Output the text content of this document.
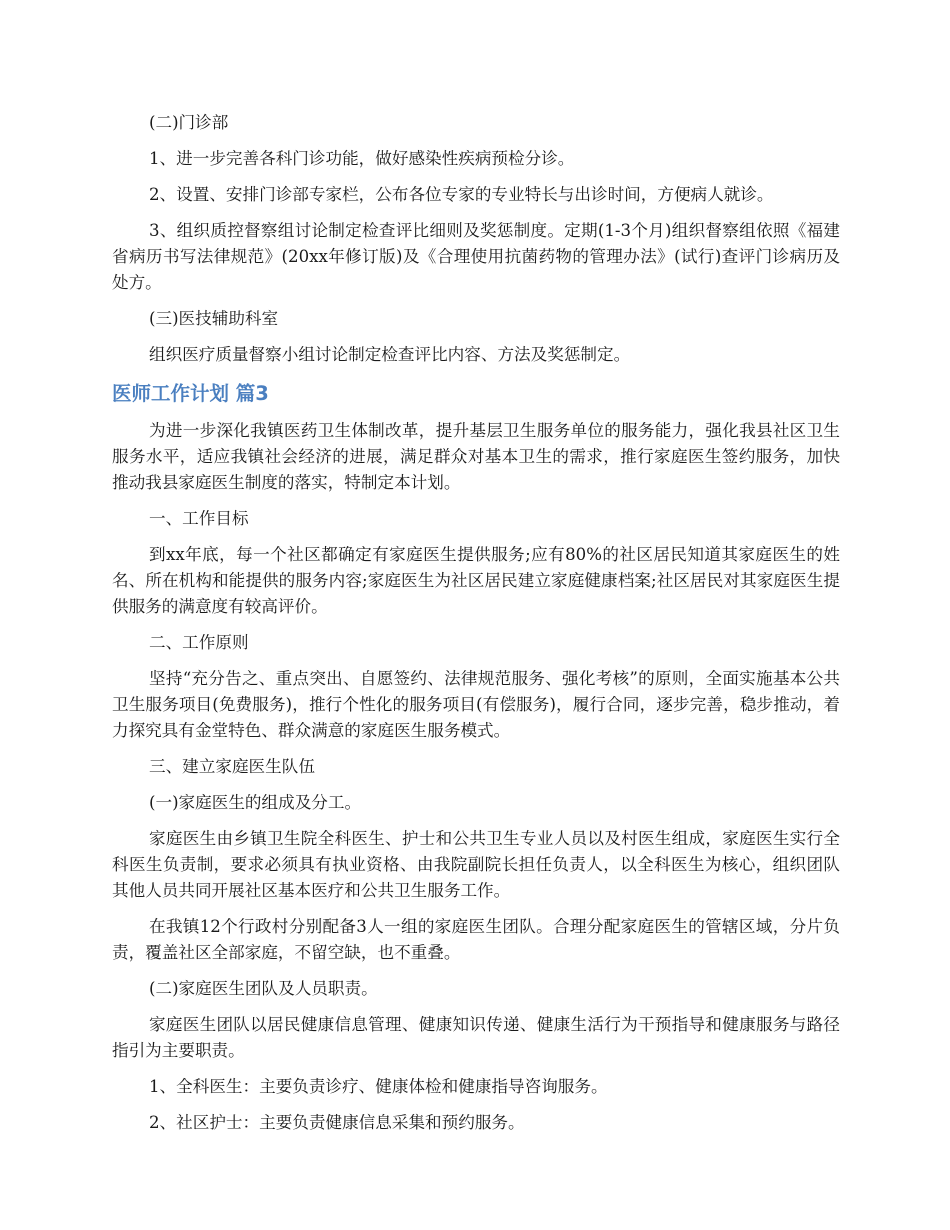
(二)门诊部

1、进一步完善各科门诊功能，做好感染性疾病预检分诊。

2、设置、安排门诊部专家栏，公布各位专家的专业特长与出诊时间，方便病人就诊。

3、组织质控督察组讨论制定检查评比细则及奖惩制度。定期(1-3个月)组织督察组依照《福建省病历书写法律规范》(20xx年修订版)及《合理使用抗菌药物的管理办法》(试行)查评门诊病历及处方。

(三)医技辅助科室

组织医疗质量督察小组讨论制定检查评比内容、方法及奖惩制定。

医师工作计划 篇3

为进一步深化我镇医药卫生体制改革，提升基层卫生服务单位的服务能力，强化我县社区卫生服务水平，适应我镇社会经济的进展，满足群众对基本卫生的需求，推行家庭医生签约服务，加快推动我县家庭医生制度的落实，特制定本计划。

一、工作目标

到xx年底，每一个社区都确定有家庭医生提供服务;应有80%的社区居民知道其家庭医生的姓名、所在机构和能提供的服务内容;家庭医生为社区居民建立家庭健康档案;社区居民对其家庭医生提供服务的满意度有较高评价。

二、工作原则

坚持“充分告之、重点突出、自愿签约、法律规范服务、强化考核”的原则，全面实施基本公共卫生服务项目(免费服务)，推行个性化的服务项目(有偿服务)，履行合同，逐步完善，稳步推动，着力探究具有金堂特色、群众满意的家庭医生服务模式。

三、建立家庭医生队伍

(一)家庭医生的组成及分工。

家庭医生由乡镇卫生院全科医生、护士和公共卫生专业人员以及村医生组成，家庭医生实行全科医生负责制，要求必须具有执业资格、由我院副院长担任负责人，以全科医生为核心，组织团队其他人员共同开展社区基本医疗和公共卫生服务工作。

在我镇12个行政村分别配备3人一组的家庭医生团队。合理分配家庭医生的管辖区域，分片负责，覆盖社区全部家庭，不留空缺，也不重叠。

(二)家庭医生团队及人员职责。

家庭医生团队以居民健康信息管理、健康知识传递、健康生活行为干预指导和健康服务与路径指引为主要职责。

1、全科医生：主要负责诊疗、健康体检和健康指导咨询服务。

2、社区护士：主要负责健康信息采集和预约服务。
